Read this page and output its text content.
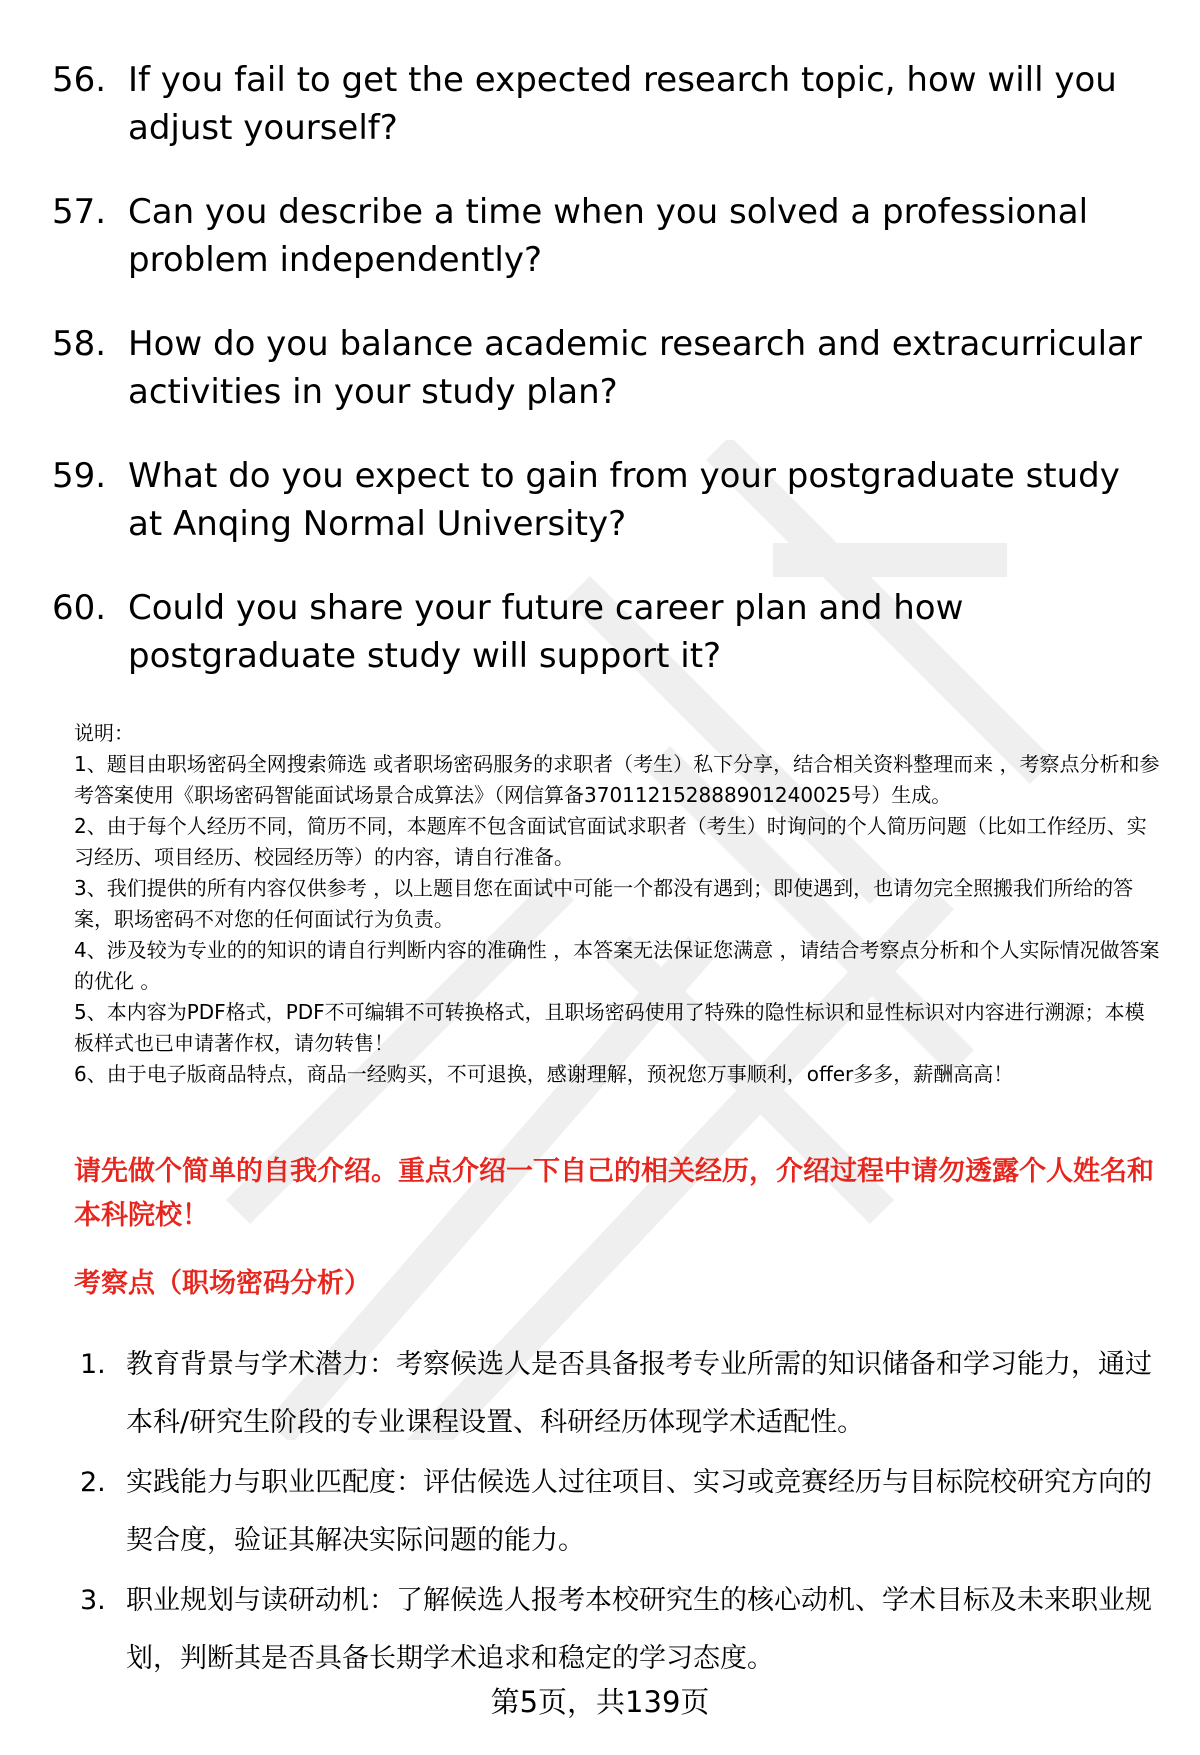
56. If you fail to get the expected research topic, how will you adjust yourself?
57. Can you describe a time when you solved a professional problem independently?
58. How do you balance academic research and extracurricular activities in your study plan?
59. What do you expect to gain from your postgraduate study at Anqing Normal University?
60. Could you share your future career plan and how postgraduate study will support it?

说明：

1、题目由职场密码全网搜索筛选 或者职场密码服务的求职者（考生）私下分享，结合相关资料整理而来 ，考察点分析和参考答案使用《职场密码智能面试场景合成算法》（网信算备370112152888901240025号）生成。

2、由于每个人经历不同，简历不同，本题库不包含面试官面试求职者（考生）时询问的个人简历问题（比如工作经历、实习经历、项目经历、校园经历等）的内容，请自行准备。

3、我们提供的所有内容仅供参考 ，以上题目您在面试中可能一个都没有遇到；即使遇到，也请勿完全照搬我们所给的答案，职场密码不对您的任何面试行为负责。

4、涉及较为专业的的知识的请自行判断内容的准确性 ，本答案无法保证您满意 ，请结合考察点分析和个人实际情况做答案的优化 。

5、本内容为PDF格式，PDF不可编辑不可转换格式，且职场密码使用了特殊的隐性标识和显性标识对内容进行溯源；本模板样式也已申请著作权，请勿转售！

6、由于电子版商品特点，商品一经购买，不可退换，感谢理解，预祝您万事顺利，offer多多，薪酬高高！

请先做个简单的自我介绍。重点介绍一下自己的相关经历，介绍过程中请勿透露个人姓名和本科院校！
考察点（职场密码分析）
1. 教育背景与学术潜力：考察候选人是否具备报考专业所需的知识储备和学习能力，通过本科/研究生阶段的专业课程设置、科研经历体现学术适配性。
2. 实践能力与职业匹配度：评估候选人过往项目、实习或竞赛经历与目标院校研究方向的契合度，验证其解决实际问题的能力。
3. 职业规划与读研动机：了解候选人报考本校研究生的核心动机、学术目标及未来职业规划，判断其是否具备长期学术追求和稳定的学习态度。
第5页，共139页
